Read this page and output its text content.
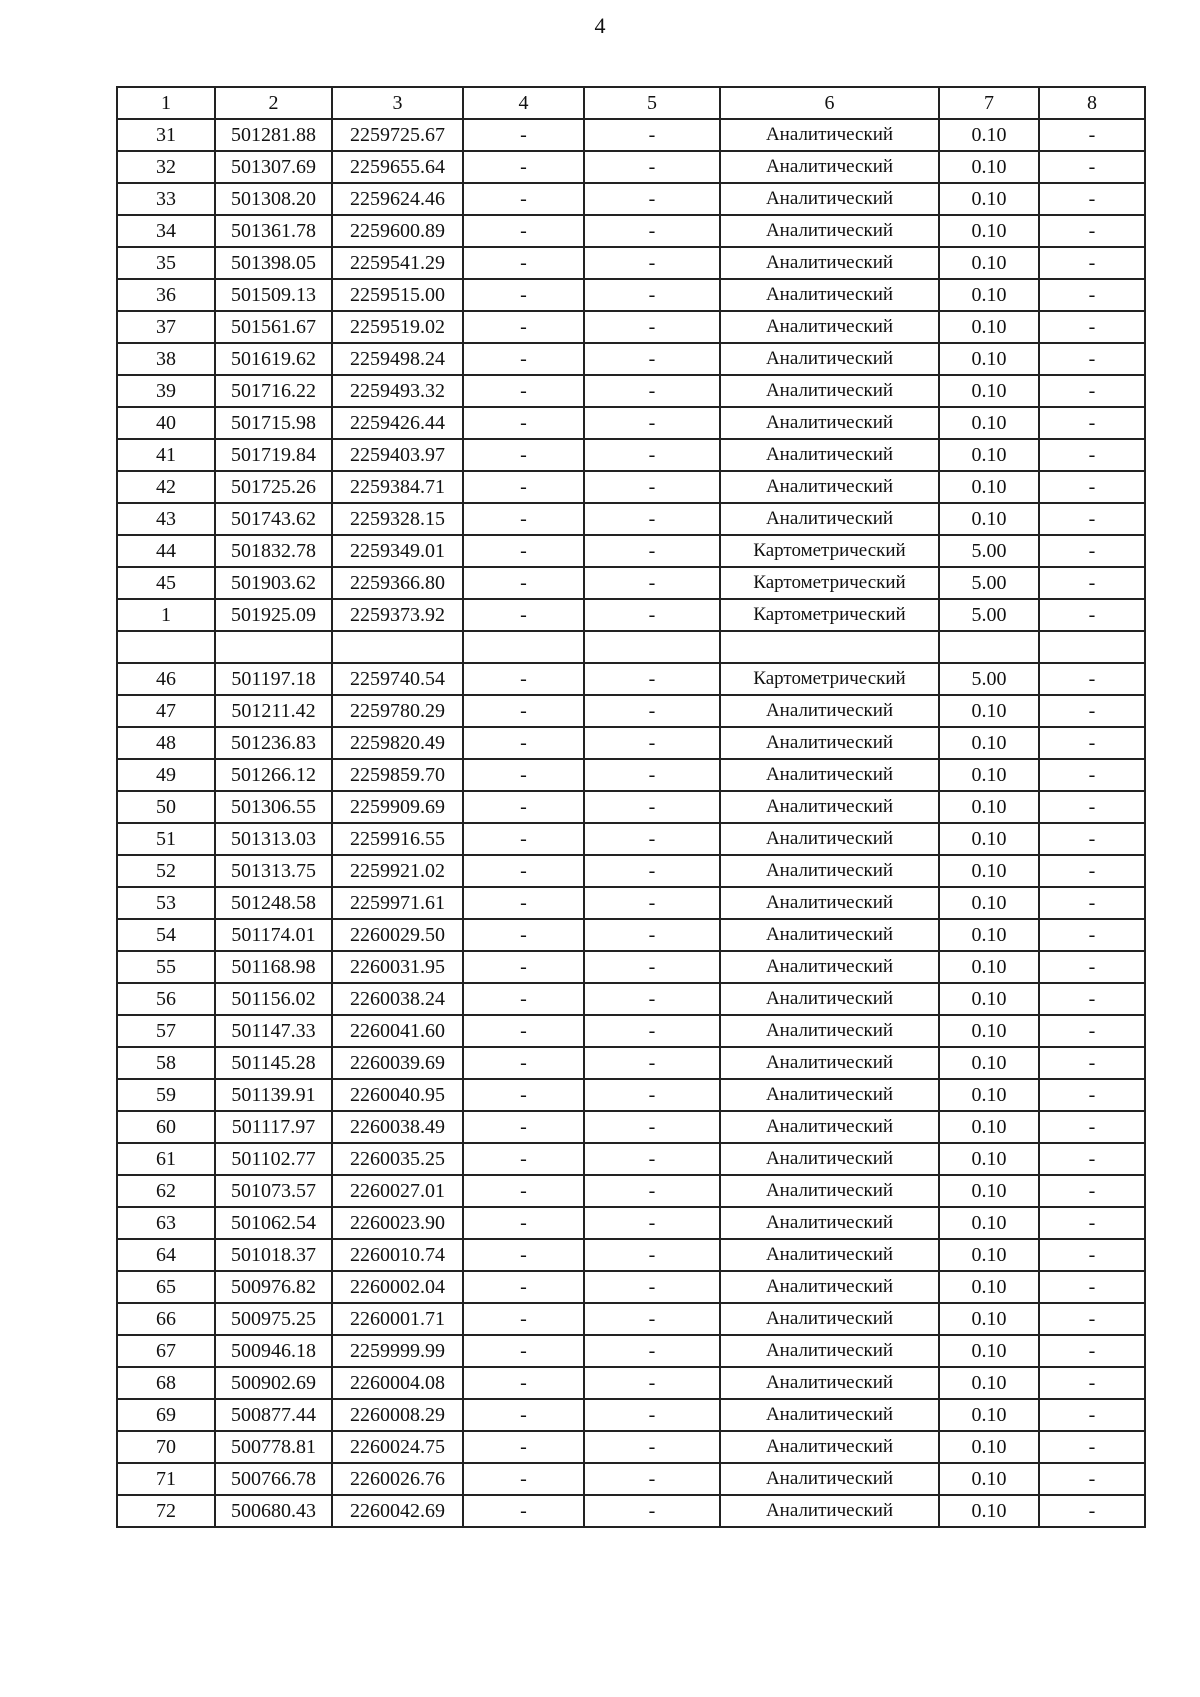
4
1	2	3	4	5	6	7	8
31	501281.88	2259725.67	-	-	Аналитический	0.10	-
32	501307.69	2259655.64	-	-	Аналитический	0.10	-
33	501308.20	2259624.46	-	-	Аналитический	0.10	-
34	501361.78	2259600.89	-	-	Аналитический	0.10	-
35	501398.05	2259541.29	-	-	Аналитический	0.10	-
36	501509.13	2259515.00	-	-	Аналитический	0.10	-
37	501561.67	2259519.02	-	-	Аналитический	0.10	-
38	501619.62	2259498.24	-	-	Аналитический	0.10	-
39	501716.22	2259493.32	-	-	Аналитический	0.10	-
40	501715.98	2259426.44	-	-	Аналитический	0.10	-
41	501719.84	2259403.97	-	-	Аналитический	0.10	-
42	501725.26	2259384.71	-	-	Аналитический	0.10	-
43	501743.62	2259328.15	-	-	Аналитический	0.10	-
44	501832.78	2259349.01	-	-	Картометрический	5.00	-
45	501903.62	2259366.80	-	-	Картометрический	5.00	-
1	501925.09	2259373.92	-	-	Картометрический	5.00	-

46	501197.18	2259740.54	-	-	Картометрический	5.00	-
47	501211.42	2259780.29	-	-	Аналитический	0.10	-
48	501236.83	2259820.49	-	-	Аналитический	0.10	-
49	501266.12	2259859.70	-	-	Аналитический	0.10	-
50	501306.55	2259909.69	-	-	Аналитический	0.10	-
51	501313.03	2259916.55	-	-	Аналитический	0.10	-
52	501313.75	2259921.02	-	-	Аналитический	0.10	-
53	501248.58	2259971.61	-	-	Аналитический	0.10	-
54	501174.01	2260029.50	-	-	Аналитический	0.10	-
55	501168.98	2260031.95	-	-	Аналитический	0.10	-
56	501156.02	2260038.24	-	-	Аналитический	0.10	-
57	501147.33	2260041.60	-	-	Аналитический	0.10	-
58	501145.28	2260039.69	-	-	Аналитический	0.10	-
59	501139.91	2260040.95	-	-	Аналитический	0.10	-
60	501117.97	2260038.49	-	-	Аналитический	0.10	-
61	501102.77	2260035.25	-	-	Аналитический	0.10	-
62	501073.57	2260027.01	-	-	Аналитический	0.10	-
63	501062.54	2260023.90	-	-	Аналитический	0.10	-
64	501018.37	2260010.74	-	-	Аналитический	0.10	-
65	500976.82	2260002.04	-	-	Аналитический	0.10	-
66	500975.25	2260001.71	-	-	Аналитический	0.10	-
67	500946.18	2259999.99	-	-	Аналитический	0.10	-
68	500902.69	2260004.08	-	-	Аналитический	0.10	-
69	500877.44	2260008.29	-	-	Аналитический	0.10	-
70	500778.81	2260024.75	-	-	Аналитический	0.10	-
71	500766.78	2260026.76	-	-	Аналитический	0.10	-
72	500680.43	2260042.69	-	-	Аналитический	0.10	-
